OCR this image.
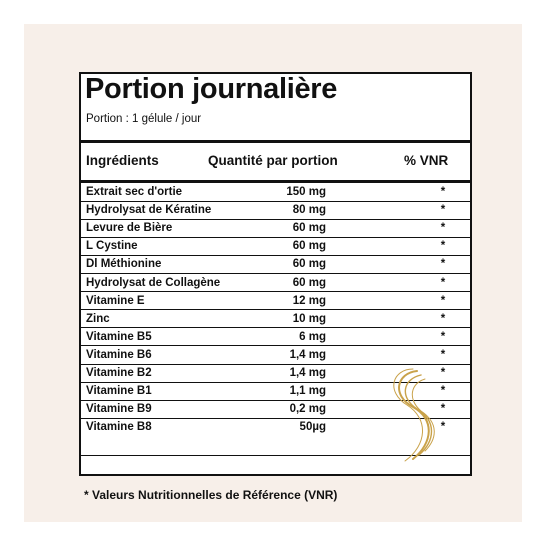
Portion journalière
Portion : 1 gélule / jour
Ingrédients	Quantité par portion	% VNR
Extrait sec d'ortie	150 mg	*
Hydrolysat de Kératine	80 mg	*
Levure de Bière	60 mg	*
L Cystine	60 mg	*
Dl Méthionine	60 mg	*
Hydrolysat de Collagène	60 mg	*
Vitamine E	12 mg	*
Zinc	10 mg	*
Vitamine B5	6 mg	*
Vitamine B6	1,4 mg	*
Vitamine B2	1,4 mg	*
Vitamine B1	1,1 mg	*
Vitamine B9	0,2 mg	*
Vitamine B8	50µg	*
* Valeurs Nutritionnelles de Référence (VNR)
